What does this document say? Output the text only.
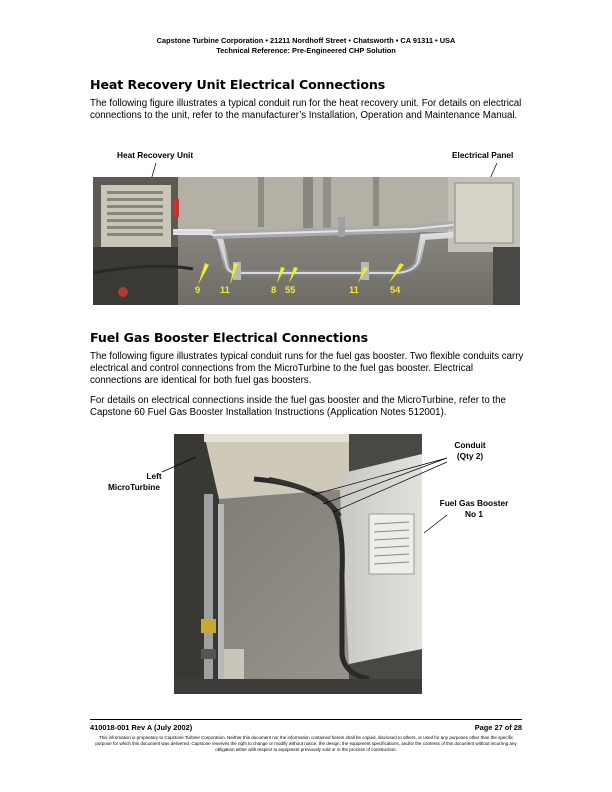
Capstone Turbine Corporation • 21211 Nordhoff Street • Chatsworth • CA 91311 • USA
Technical Reference: Pre-Engineered CHP Solution
Heat Recovery Unit Electrical Connections

The following figure illustrates a typical conduit run for the heat recovery unit. For details on electrical connections to the unit, refer to the manufacturer’s Installation, Operation and Maintenance Manual.

Heat Recovery Unit	Electrical Panel
9 11	8 55	11	54
Fuel Gas Booster Electrical Connections

The following figure illustrates typical conduit runs for the fuel gas booster. Two flexible conduits carry electrical and control connections from the MicroTurbine to the fuel gas booster. Electrical connections are identical for both fuel gas boosters.

For details on electrical connections inside the fuel gas booster and the MicroTurbine, refer to the Capstone 60 Fuel Gas Booster Installation Instructions (Application Notes 512001).

Left
MicroTurbine
Conduit
(Qty 2)
Fuel Gas Booster
No 1
410018-001 Rev A (July 2002)	Page 27 of 28
This information is proprietary to Capstone Turbine Corporation. Neither this document nor the information contained herein shall be copied, disclosed to others, or used for any purposes other than the specific purpose for which this document was delivered. Capstone reserves the right to change or modify without notice, the design, the equipment specifications, and/or the contents of this document without incurring any obligation either with respect to equipment previously sold or in the process of construction.
